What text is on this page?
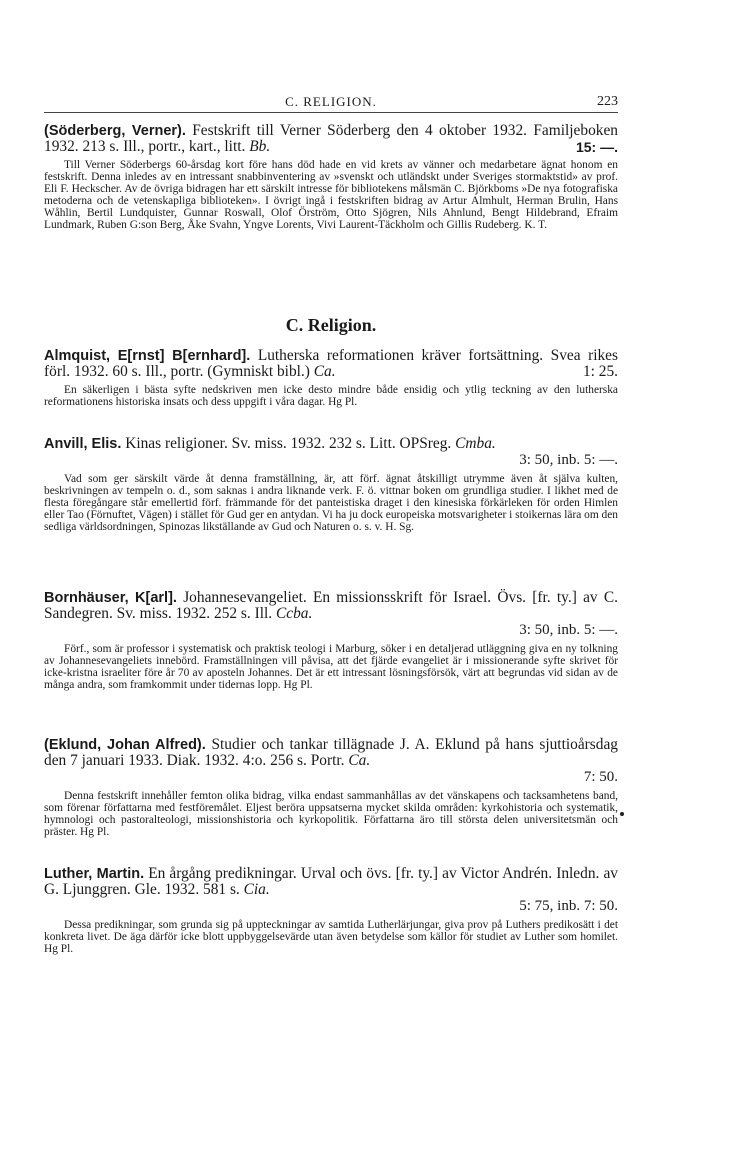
C. RELIGION.	223
(Söderberg, Verner). Festskrift till Verner Söderberg den 4 oktober 1932. Familjeboken 1932. 213 s. Ill., portr., kart., litt. Bb.	15: —.
Till Verner Söderbergs 60-årsdag kort före hans död hade en vid krets av vänner och medarbetare ägnat honom en festskrift. Denna inledes av en intressant snabbinventering av »svenskt och utländskt under Sveriges stormaktstid» av prof. Eli F. Heckscher. Av de övriga bidragen har ett särskilt intresse för bibliotekens målsmän C. Björkboms »De nya fotografiska metoderna och de vetenskapliga biblioteken». I övrigt ingå i festskriften bidrag av Artur Almhult, Herman Brulin, Hans Wåhlin, Bertil Lundquister, Gunnar Roswall, Olof Örström, Otto Sjögren, Nils Ahnlund, Bengt Hildebrand, Efraim Lundmark, Ruben G:son Berg, Åke Svahn, Yngve Lorents, Vivi Laurent-Täckholm och Gillis Rudeberg. K. T.
C. Religion.
Almquist, E[rnst] B[ernhard]. Lutherska reformationen kräver fortsättning. Svea rikes förl. 1932. 60 s. Ill., portr. (Gymniskt bibl.) Ca.	1: 25.
En säkerligen i bästa syfte nedskriven men icke desto mindre både ensidig och ytlig teckning av den lutherska reformationens historiska insats och dess uppgift i våra dagar. Hg Pl.
Anvill, Elis. Kinas religioner. Sv. miss. 1932. 232 s. Litt. OPSreg. Cmba.
3: 50, inb. 5: —.
Vad som ger särskilt värde åt denna framställning, är, att förf. ägnat åtskilligt utrymme även åt själva kulten, beskrivningen av tempeln o. d., som saknas i andra liknande verk. F. ö. vittnar boken om grundliga studier. I likhet med de flesta föregångare står emellertid förf. främmande för det panteistiska draget i den kinesiska förkärleken för orden Himlen eller Tao (Förnuftet, Vägen) i stället för Gud ger en antydan. Vi ha ju dock europeiska motsvarigheter i stoikernas lära om den sedliga världsordningen, Spinozas likställande av Gud och Naturen o. s. v. H. Sg.
Bornhäuser, K[arl]. Johannesevangeliet. En missionsskrift för Israel. Övs. [fr. ty.] av C. Sandegren. Sv. miss. 1932. 252 s. Ill. Ccba.
3: 50, inb. 5: —.
Förf., som är professor i systematisk och praktisk teologi i Marburg, söker i en detaljerad utläggning giva en ny tolkning av Johannesevangeliets innebörd. Framställningen vill påvisa, att det fjärde evangeliet är i missionerande syfte skrivet för icke-kristna israeliter före år 70 av aposteln Johannes. Det är ett intressant lösningsförsök, värt att begrundas vid sidan av de många andra, som framkommit under tidernas lopp. Hg Pl.
(Eklund, Johan Alfred). Studier och tankar tillägnade J. A. Eklund på hans sjuttioårsdag den 7 januari 1933. Diak. 1932. 4:o. 256 s. Portr. Ca.
7: 50.
Denna festskrift innehåller femton olika bidrag, vilka endast sammanhållas av det vänskapens och tacksamhetens band, som förenar författarna med festföremålet. Eljest beröra uppsatserna mycket skilda områden: kyrkohistoria och systematik, hymnologi och pastoralteologi, missionshistoria och kyrkopolitik. Författarna äro till största delen universitetsmän och präster. Hg Pl.
Luther, Martin. En årgång predikningar. Urval och övs. [fr. ty.] av Victor Andrén. Inledn. av G. Ljunggren. Gle. 1932. 581 s. Cia.
5: 75, inb. 7: 50.
Dessa predikningar, som grunda sig på uppteckningar av samtida Lutherlärjungar, giva prov på Luthers predikosätt i det konkreta livet. De äga därför icke blott uppbyggelsevärde utan även betydelse som källor för studiet av Luther som homilet. Hg Pl.
